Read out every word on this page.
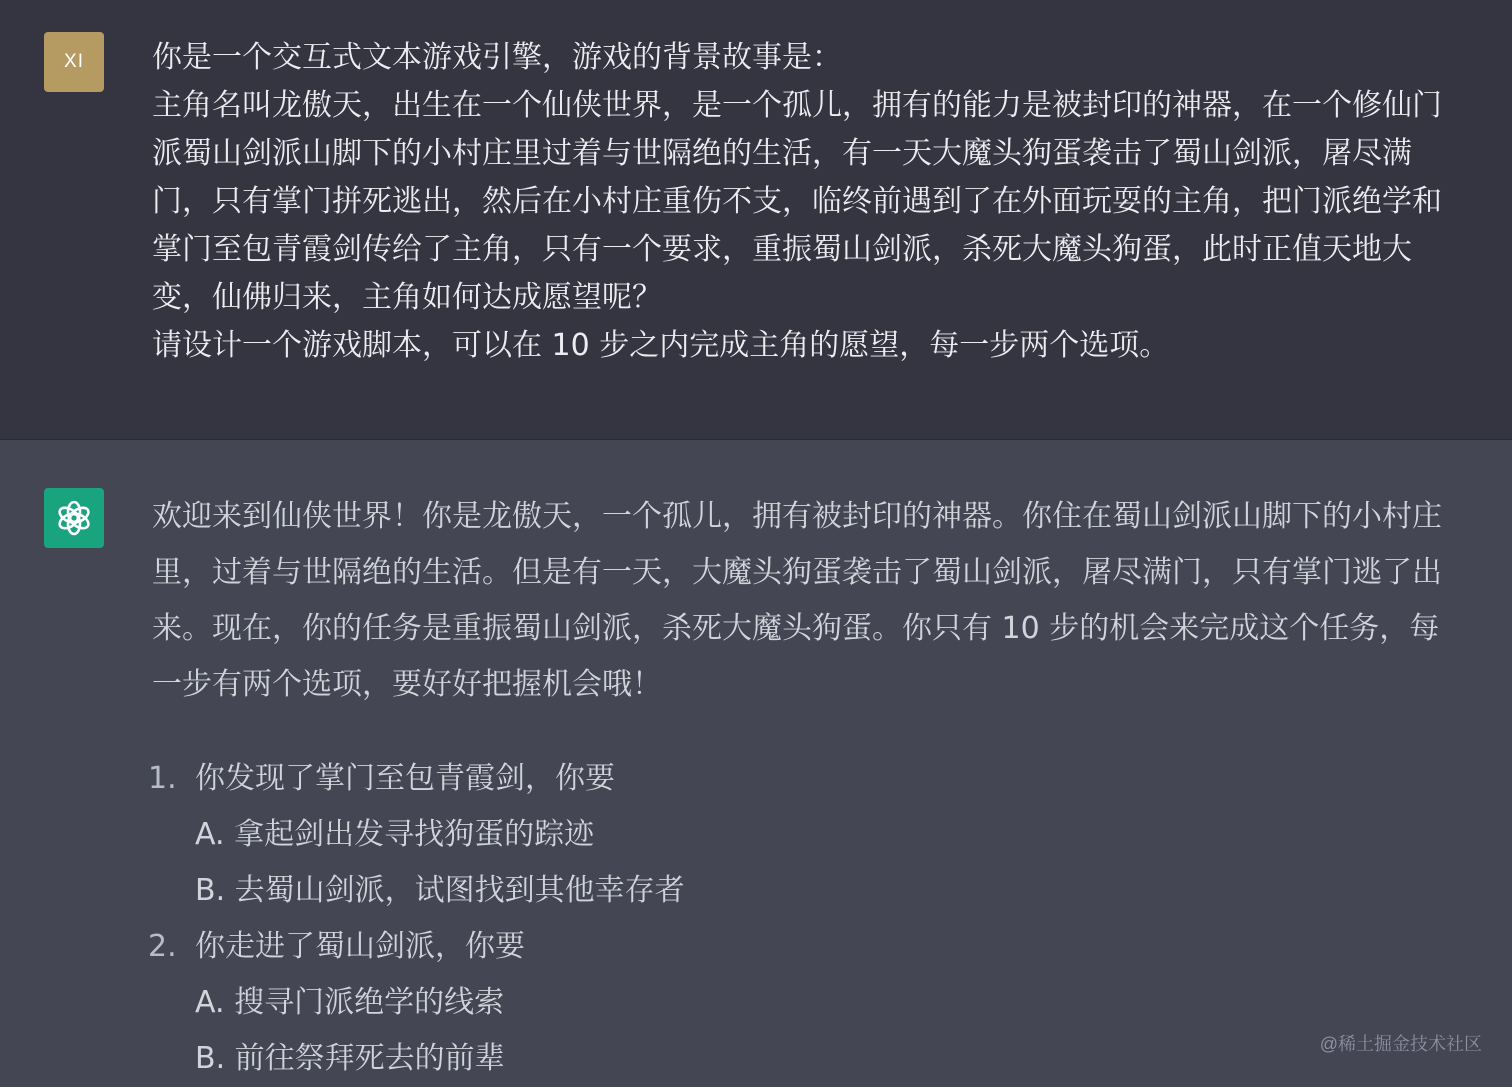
XI 你是一个交互式文本游戏引擎，游戏的背景故事是：

主角名叫龙傲天，出生在一个仙侠世界，是一个孤儿，拥有的能力是被封印的神器，在一个修仙门派蜀山剑派山脚下的小村庄里过着与世隔绝的生活，有一天大魔头狗蛋袭击了蜀山剑派，屠尽满门，只有掌门拼死逃出，然后在小村庄重伤不支，临终前遇到了在外面玩耍的主角，把门派绝学和掌门至包青霞剑传给了主角，只有一个要求，重振蜀山剑派，杀死大魔头狗蛋，此时正值天地大变，仙佛归来，主角如何达成愿望呢？

请设计一个游戏脚本，可以在 10 步之内完成主角的愿望，每一步两个选项。

欢迎来到仙侠世界！你是龙傲天，一个孤儿，拥有被封印的神器。你住在蜀山剑派山脚下的小村庄里，过着与世隔绝的生活。但是有一天，大魔头狗蛋袭击了蜀山剑派，屠尽满门，只有掌门逃了出来。现在，你的任务是重振蜀山剑派，杀死大魔头狗蛋。你只有 10 步的机会来完成这个任务，每一步有两个选项，要好好把握机会哦！

1. 你发现了掌门至包青霞剑，你要
A. 拿起剑出发寻找狗蛋的踪迹
B. 去蜀山剑派，试图找到其他幸存者
2. 你走进了蜀山剑派，你要
A. 搜寻门派绝学的线索
B. 前往祭拜死去的前辈	@稀土掘金技术社区
